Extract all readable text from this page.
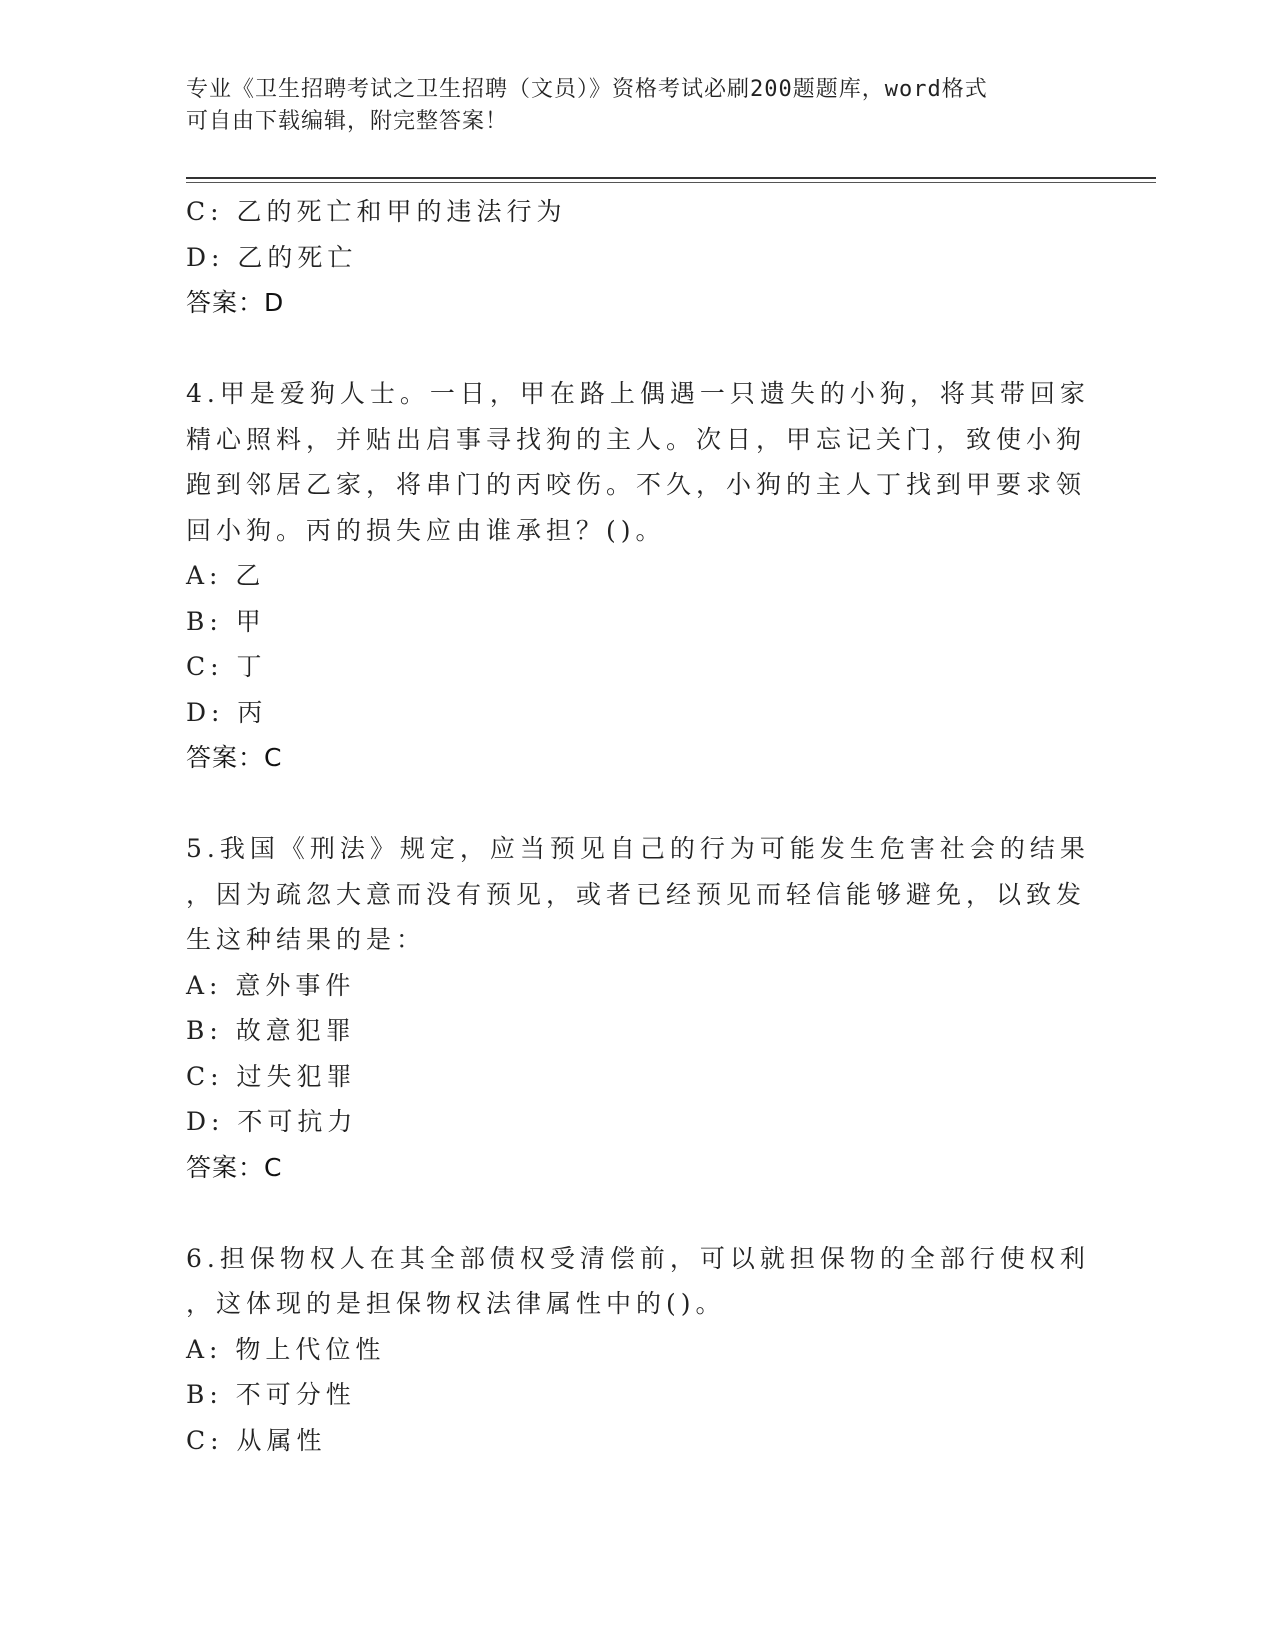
专业《卫生招聘考试之卫生招聘（文员）》资格考试必刷200题题库，word格式
可自由下载编辑，附完整答案！
C: 乙的死亡和甲的违法行为
D: 乙的死亡
答案：D
4.甲是爱狗人士。一日，甲在路上偶遇一只遗失的小狗，将其带回家
精心照料，并贴出启事寻找狗的主人。次日，甲忘记关门，致使小狗
跑到邻居乙家，将串门的丙咬伤。不久，小狗的主人丁找到甲要求领
回小狗。丙的损失应由谁承担？()。
A: 乙
B: 甲
C: 丁
D: 丙
答案：C
5.我国《刑法》规定，应当预见自己的行为可能发生危害社会的结果
，因为疏忽大意而没有预见，或者已经预见而轻信能够避免，以致发
生这种结果的是：
A: 意外事件
B: 故意犯罪
C: 过失犯罪
D: 不可抗力
答案：C
6.担保物权人在其全部债权受清偿前，可以就担保物的全部行使权利
，这体现的是担保物权法律属性中的()。
A: 物上代位性
B: 不可分性
C: 从属性
